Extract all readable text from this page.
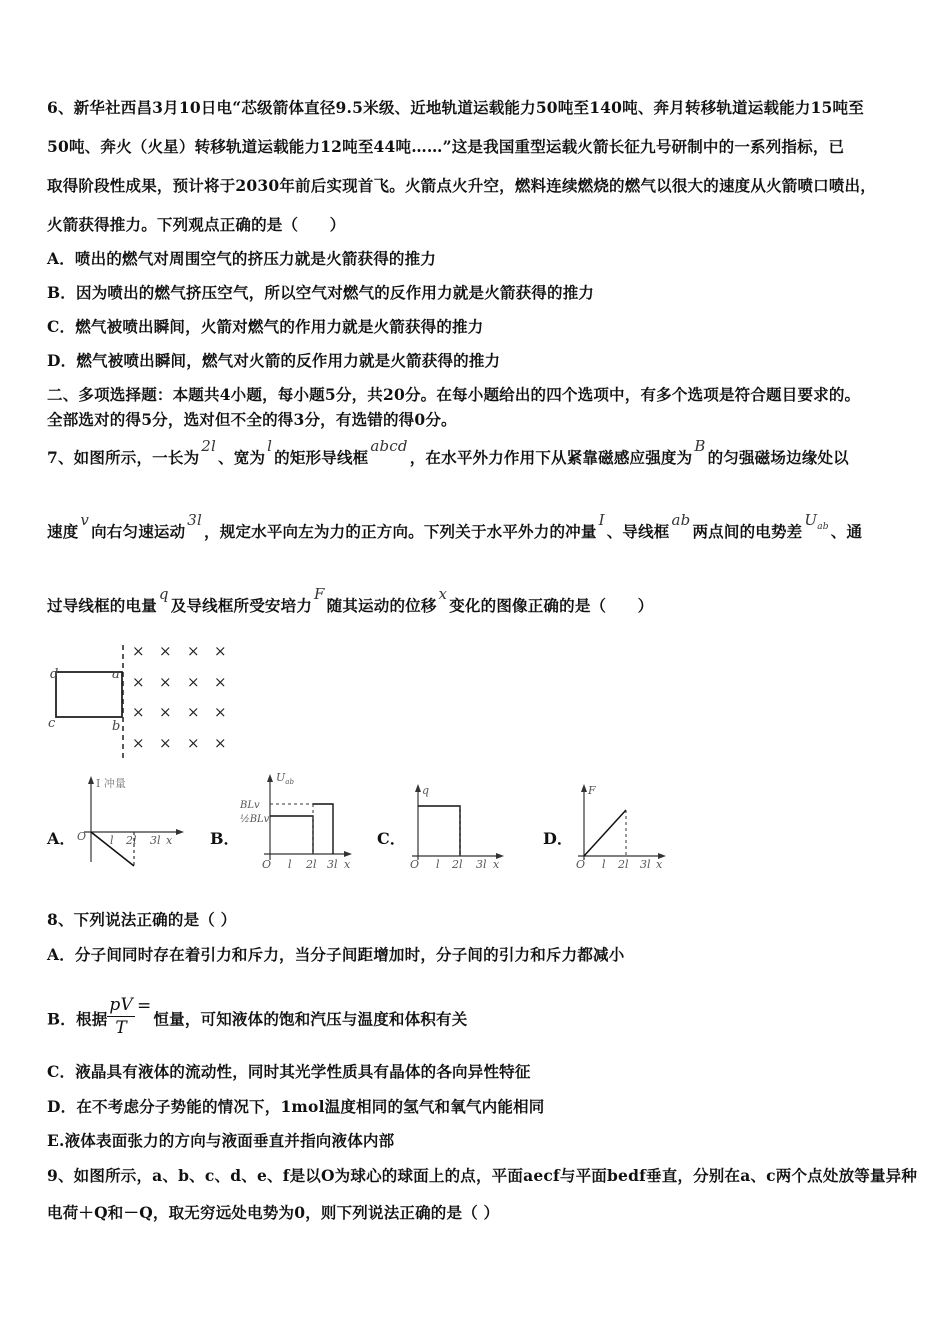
6、新华社西昌3月10日电“芯级箭体直径9.5米级、近地轨道运载能力50吨至140吨、奔月转移轨道运载能力15吨至
50吨、奔火（火星）转移轨道运载能力12吨至44吨……”这是我国重型运载火箭长征九号研制中的一系列指标，已
取得阶段性成果，预计将于2030年前后实现首飞。火箭点火升空，燃料连续燃烧的燃气以很大的速度从火箭喷口喷出，
火箭获得推力。下列观点正确的是（　　）
A．喷出的燃气对周围空气的挤压力就是火箭获得的推力
B．因为喷出的燃气挤压空气，所以空气对燃气的反作用力就是火箭获得的推力
C．燃气被喷出瞬间，火箭对燃气的作用力就是火箭获得的推力
D．燃气被喷出瞬间，燃气对火箭的反作用力就是火箭获得的推力
二、多项选择题：本题共4小题，每小题5分，共20分。在每小题给出的四个选项中，有多个选项是符合题目要求的。
全部选对的得5分，选对但不全的得3分，有选错的得0分。
7、如图所示，一长为2l、宽为l的矩形导线框abcd，在水平外力作用下从紧靠磁感应强度为B的匀强磁场边缘处以
速度v向右匀速运动3l，规定水平向左为力的正方向。下列关于水平外力的冲量I、导线框ab两点间的电势差$U_{ab}$ 、通
过导线框的电量q及导线框所受安培力F随其运动的位移x变化的图像正确的是（　　）
d	a
c	b
× × × ×
× × × ×
× × × ×
× × × ×
A．
I 冲量
O l 2l 3l x B．
$U_{ab}$
BLv
½BLv
O l 2l 3l x
C．
q
O l 2l 3l x
D．
F
O l 2l 3l x
8、下列说法正确的是（ ）
A．分子间同时存在着引力和斥力，当分子间距增加时，分子间的引力和斥力都减小
B．根据 $\frac{pV}{T}$ =恒量，可知液体的饱和汽压与温度和体积有关
C．液晶具有液体的流动性，同时其光学性质具有晶体的各向异性特征
D．在不考虑分子势能的情况下，1mol温度相同的氢气和氧气内能相同
E.液体表面张力的方向与液面垂直并指向液体内部
9、如图所示，a、b、c、d、e、f是以O为球心的球面上的点，平面aecf与平面bedf垂直，分别在a、c两个点处放等量异种
电荷＋Q和－Q，取无穷远处电势为0，则下列说法正确的是（ ）
